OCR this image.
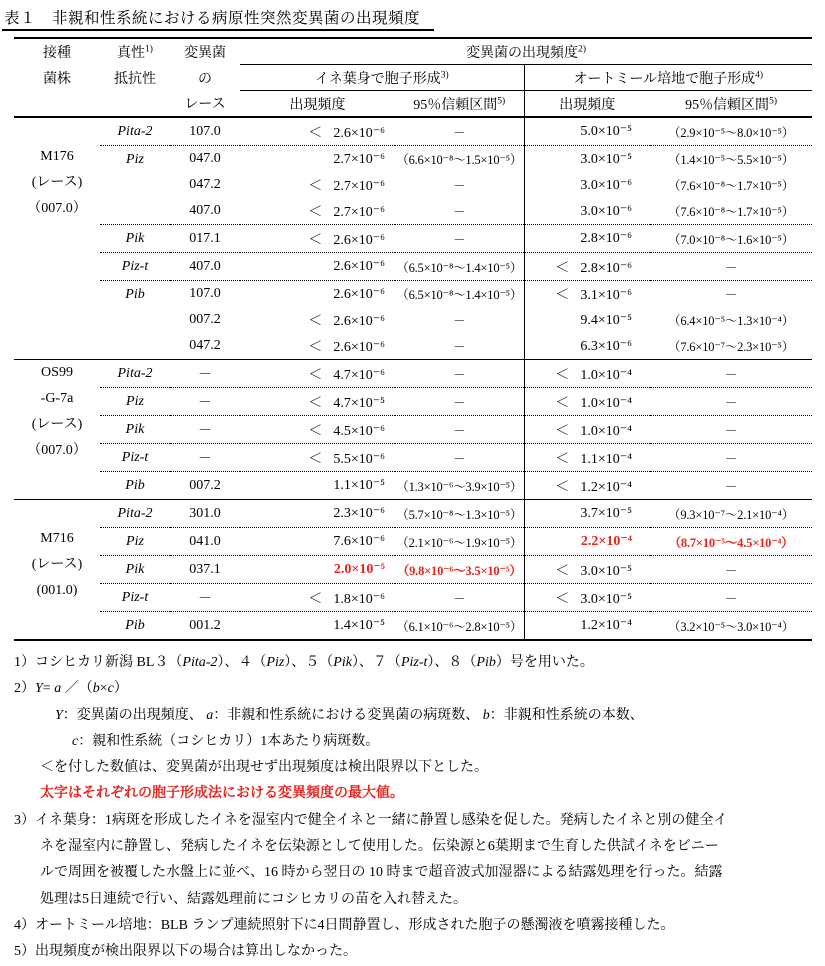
表１　非親和性系統における病原性突然変異菌の出現頻度
接種	真性$^{1)}$	変異菌	変異菌の出現頻度$^{2)}$
菌株	抵抗性	の	イネ葉身で胞子形成$^{3)}$		オートミール培地で胞子形成$^{4)}$
		レース	出現頻度	95％信頼区間$^{5)}$	出現頻度	95％信頼区間$^{5)}$

M176
(レース)
（007.0）	Pita-2	107.0	＜ 2.6×10⁻⁶	－	5.0×10⁻⁵	（2.9×10⁻⁵～8.0×10⁻⁵）
	Piz	047.0	2.7×10⁻⁶	（6.6×10⁻⁸～1.5×10⁻⁵）	3.0×10⁻⁵	（1.4×10⁻⁵～5.5×10⁻⁵）
		047.2	＜ 2.7×10⁻⁶	－	3.0×10⁻⁶	（7.6×10⁻⁸～1.7×10⁻⁵）
		407.0	＜ 2.7×10⁻⁶	－	3.0×10⁻⁶	（7.6×10⁻⁸～1.7×10⁻⁵）
	Pik	017.1	＜ 2.6×10⁻⁶	－	2.8×10⁻⁶	（7.0×10⁻⁸～1.6×10⁻⁵）
	Piz-t	407.0	2.6×10⁻⁶	（6.5×10⁻⁸～1.4×10⁻⁵）	＜ 2.8×10⁻⁶	－
	Pib	107.0	2.6×10⁻⁶	（6.5×10⁻⁸～1.4×10⁻⁵）	＜ 3.1×10⁻⁶	－
		007.2	＜ 2.6×10⁻⁶	－	9.4×10⁻⁵	（6.4×10⁻⁵～1.3×10⁻⁴）
		047.2	＜ 2.6×10⁻⁶	－	6.3×10⁻⁶	（7.6×10⁻⁷～2.3×10⁻⁵）

OS99
-G-7a
(レース)
（007.0）	Pita-2	－	＜ 4.7×10⁻⁶	－	＜ 1.0×10⁻⁴	－
	Piz	－	＜ 4.7×10⁻⁵	－	＜ 1.0×10⁻⁴	－
	Pik	－	＜ 4.5×10⁻⁶	－	＜ 1.0×10⁻⁴	－
	Piz-t	－	＜ 5.5×10⁻⁶	－	＜ 1.1×10⁻⁴	－
	Pib	007.2	1.1×10⁻⁵	（1.3×10⁻⁶～3.9×10⁻⁵）	＜ 1.2×10⁻⁴	－

M716
(レース)
(001.0)	Pita-2	301.0	2.3×10⁻⁶	（5.7×10⁻⁸～1.3×10⁻⁵）	3.7×10⁻⁵	（9.3×10⁻⁷～2.1×10⁻⁴）
	Piz	041.0	7.6×10⁻⁶	（2.1×10⁻⁶～1.9×10⁻⁵）	2.2×10⁻⁴	（8.7×10⁻⁵～4.5×10⁻⁴）
	Pik	037.1	2.0×10⁻⁵	（9.8×10⁻⁶～3.5×10⁻⁵）	＜ 3.0×10⁻⁵	－
	Piz-t	－	＜ 1.8×10⁻⁶	－	＜ 3.0×10⁻⁵	－
	Pib	001.2	1.4×10⁻⁵	（6.1×10⁻⁶～2.8×10⁻⁵）	1.2×10⁻⁴	（3.2×10⁻⁵～3.0×10⁻⁴）
1）コシヒカリ新潟 BL３（Pita-2）、４（Piz）、５（Pik）、７（Piz-t）、８（Pib）号を用いた。
2）Y= a ／（b×c）
Y：変異菌の出現頻度、 a：非親和性系統における変異菌の病斑数、 b：非親和性系統の本数、
c：親和性系統（コシヒカリ）1本あたり病斑数。
＜を付した数値は、変異菌が出現せず出現頻度は検出限界以下とした。
太字はそれぞれの胞子形成法における変異頻度の最大値。
3）イネ葉身：1病斑を形成したイネを湿室内で健全イネと一緒に静置し感染を促した。発病したイネと別の健全イ
ネを湿室内に静置し、発病したイネを伝染源として使用した。伝染源と6葉期まで生育した供試イネをビニー
ルで周囲を被覆した水盤上に並べ、16 時から翌日の 10 時まで超音波式加湿器による結露処理を行った。結露
処理は5日連続で行い、結露処理前にコシヒカリの苗を入れ替えた。
4）オートミール培地：BLB ランプ連続照射下に4日間静置し、形成された胞子の懸濁液を噴霧接種した。
5）出現頻度が検出限界以下の場合は算出しなかった。
